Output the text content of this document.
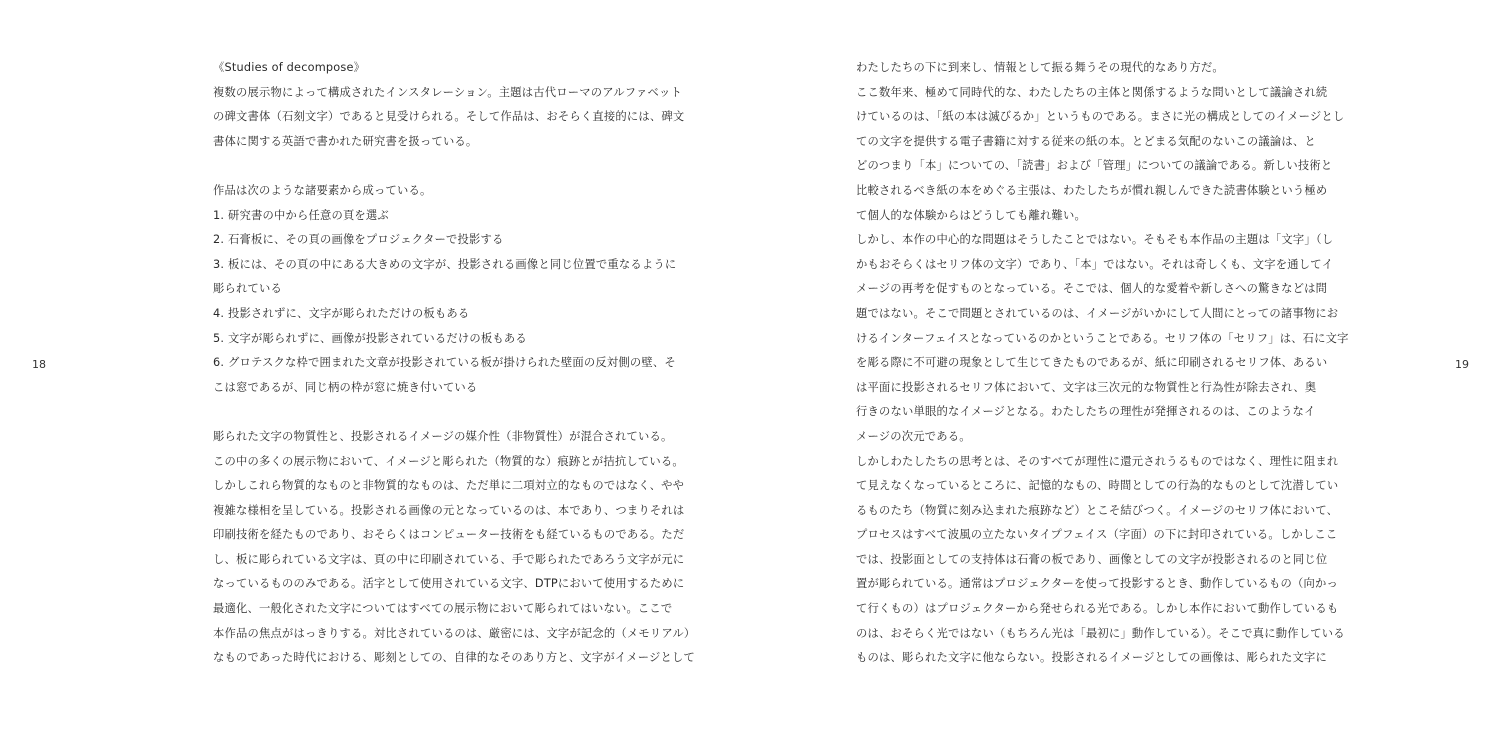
18	19
《Studies of decompose》
複数の展示物によって構成されたインスタレーション。主題は古代ローマのアルファベット
の碑文書体（石刻文字）であると見受けられる。そして作品は、おそらく直接的には、碑文
書体に関する英語で書かれた研究書を扱っている。
作品は次のような諸要素から成っている。
1. 研究書の中から任意の頁を選ぶ
2. 石膏板に、その頁の画像をプロジェクターで投影する
3. 板には、その頁の中にある大きめの文字が、投影される画像と同じ位置で重なるように
彫られている
4. 投影されずに、文字が彫られただけの板もある
5. 文字が彫られずに、画像が投影されているだけの板もある
6. グロテスクな枠で囲まれた文章が投影されている板が掛けられた壁面の反対側の壁、そ
こは窓であるが、同じ柄の枠が窓に焼き付いている
彫られた文字の物質性と、投影されるイメージの媒介性（非物質性）が混合されている。
この中の多くの展示物において、イメージと彫られた（物質的な）痕跡とが拮抗している。
しかしこれら物質的なものと非物質的なものは、ただ単に二項対立的なものではなく、やや
複雑な様相を呈している。投影される画像の元となっているのは、本であり、つまりそれは
印刷技術を経たものであり、おそらくはコンピューター技術をも経ているものである。ただ
し、板に彫られている文字は、頁の中に印刷されている、手で彫られたであろう文字が元に
なっているもののみである。活字として使用されている文字、DTPにおいて使用するために
最適化、一般化された文字についてはすべての展示物において彫られてはいない。ここで
本作品の焦点がはっきりする。対比されているのは、厳密には、文字が記念的（メモリアル）
なものであった時代における、彫刻としての、自律的なそのあり方と、文字がイメージとして
わたしたちの下に到来し、情報として振る舞うその現代的なあり方だ。
ここ数年来、極めて同時代的な、わたしたちの主体と関係するような問いとして議論され続
けているのは、「紙の本は滅びるか」というものである。まさに光の構成としてのイメージとし
ての文字を提供する電子書籍に対する従来の紙の本。とどまる気配のないこの議論は、と
どのつまり「本」についての、「読書」および「管理」についての議論である。新しい技術と
比較されるべき紙の本をめぐる主張は、わたしたちが慣れ親しんできた読書体験という極め
て個人的な体験からはどうしても離れ難い。
しかし、本作の中心的な問題はそうしたことではない。そもそも本作品の主題は「文字」（し
かもおそらくはセリフ体の文字）であり、「本」ではない。それは奇しくも、文字を通してイ
メージの再考を促すものとなっている。そこでは、個人的な愛着や新しさへの驚きなどは問
題ではない。そこで問題とされているのは、イメージがいかにして人間にとっての諸事物にお
けるインターフェイスとなっているのかということである。セリフ体の「セリフ」は、石に文字
を彫る際に不可避の現象として生じてきたものであるが、紙に印刷されるセリフ体、あるい
は平面に投影されるセリフ体において、文字は三次元的な物質性と行為性が除去され、奥
行きのない単眼的なイメージとなる。わたしたちの理性が発揮されるのは、このようなイ
メージの次元である。
しかしわたしたちの思考とは、そのすべてが理性に還元されうるものではなく、理性に阻まれ
て見えなくなっているところに、記憶的なもの、時間としての行為的なものとして沈潜してい
るものたち（物質に刻み込まれた痕跡など）とこそ結びつく。イメージのセリフ体において、
プロセスはすべて波風の立たないタイプフェイス（字面）の下に封印されている。しかしここ
では、投影面としての支持体は石膏の板であり、画像としての文字が投影されるのと同じ位
置が彫られている。通常はプロジェクターを使って投影するとき、動作しているもの（向かっ
て行くもの）はプロジェクターから発せられる光である。しかし本作において動作しているも
のは、おそらく光ではない（もちろん光は「最初に」動作している）。そこで真に動作している
ものは、彫られた文字に他ならない。投影されるイメージとしての画像は、彫られた文字に
